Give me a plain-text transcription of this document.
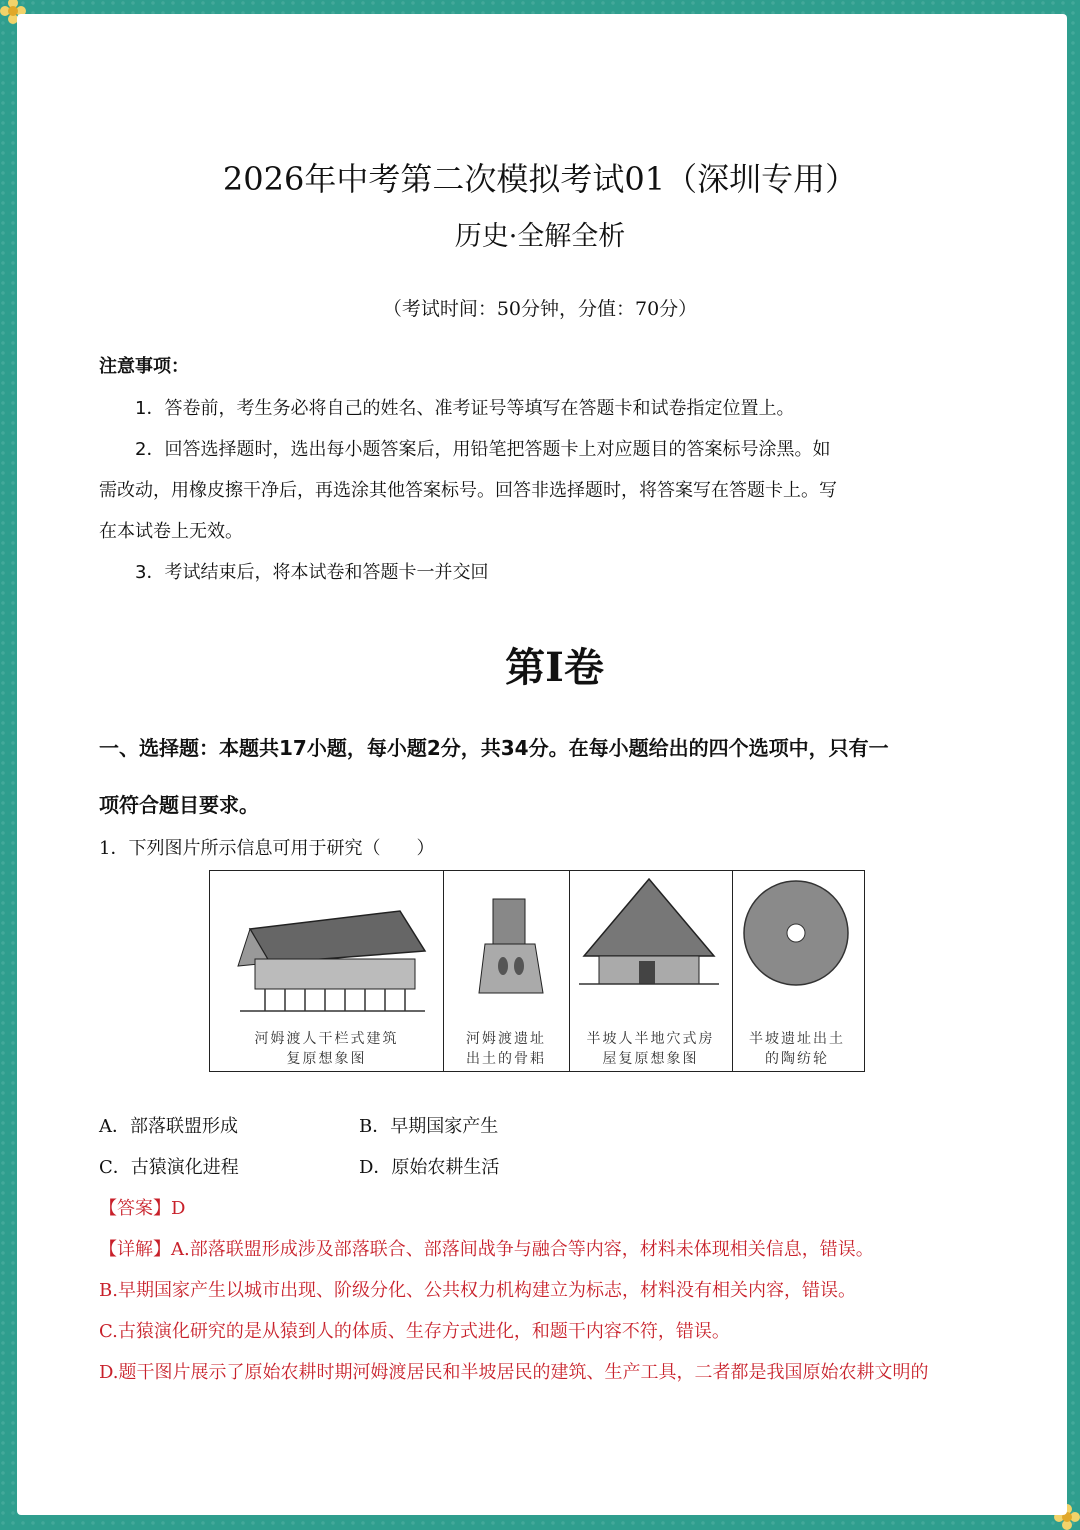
2026年中考第二次模拟考试01（深圳专用）
历史·全解全析
（考试时间：50分钟，分值：70分）
注意事项：
1．答卷前，考生务必将自己的姓名、准考证号等填写在答题卡和试卷指定位置上。
2．回答选择题时，选出每小题答案后，用铅笔把答题卡上对应题目的答案标号涂黑。如
需改动，用橡皮擦干净后，再选涂其他答案标号。回答非选择题时，将答案写在答题卡上。写
在本试卷上无效。
3．考试结束后，将本试卷和答题卡一并交回
第Ⅰ卷
一、选择题：本题共17小题，每小题2分，共34分。在每小题给出的四个选项中，只有一
项符合题目要求。
1．下列图片所示信息可用于研究（　　）
河姆渡人干栏式建筑
复原想象图
河姆渡遗址
出土的骨耜
半坡人半地穴式房
屋复原想象图
半坡遗址出土
的陶纺轮
A．部落联盟形成	B．早期国家产生
C．古猿演化进程	D．原始农耕生活
【答案】D
【详解】A.部落联盟形成涉及部落联合、部落间战争与融合等内容，材料未体现相关信息，错误。
B.早期国家产生以城市出现、阶级分化、公共权力机构建立为标志，材料没有相关内容，错误。
C.古猿演化研究的是从猿到人的体质、生存方式进化，和题干内容不符，错误。
D.题干图片展示了原始农耕时期河姆渡居民和半坡居民的建筑、生产工具，二者都是我国原始农耕文明的
